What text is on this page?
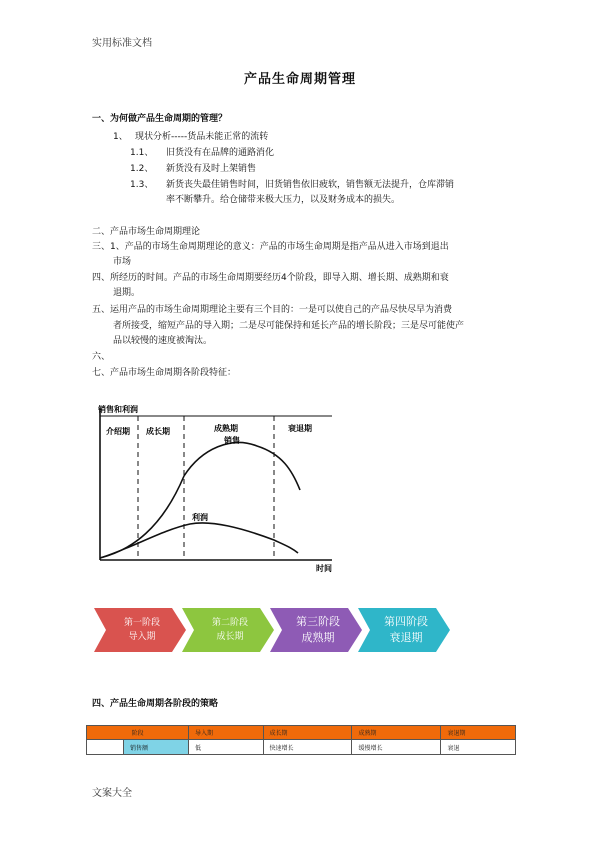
实用标准文档
产品生命周期管理
一、为何做产品生命周期的管理？
1、 现状分析-----货品未能正常的流转
1.1、 旧货没有在品牌的通路消化
1.2、 新货没有及时上架销售
1.3、 新货丧失最佳销售时间，旧货销售依旧疲软，销售额无法提升，仓库滞销
率不断攀升。给仓储带来极大压力，以及财务成本的损失。
二、产品市场生命周期理论
三、1、产品的市场生命周期理论的意义：产品的市场生命周期是指产品从进入市场到退出
市场
四、所经历的时间。产品的市场生命周期要经历4个阶段，即导入期、增长期、成熟期和衰
退期。
五、运用产品的市场生命周期理论主要有三个目的：一是可以使自己的产品尽快尽早为消费
者所接受，缩短产品的导入期；二是尽可能保持和延长产品的增长阶段；三是尽可能使产
品以较慢的速度被淘汰。
六、
七、产品市场生命周期各阶段特征：
销售和利润
介绍期 成长期	成熟期	衰退期
销售
利润
时间
第一阶段
导入期
第二阶段
成长期
第三阶段
成熟期
第四阶段
衰退期
四、产品生命周期各阶段的策略
阶段		导入期	成长期	成熟期	衰退期
	销售额	低	快速增长	缓慢增长	衰退
文案大全
